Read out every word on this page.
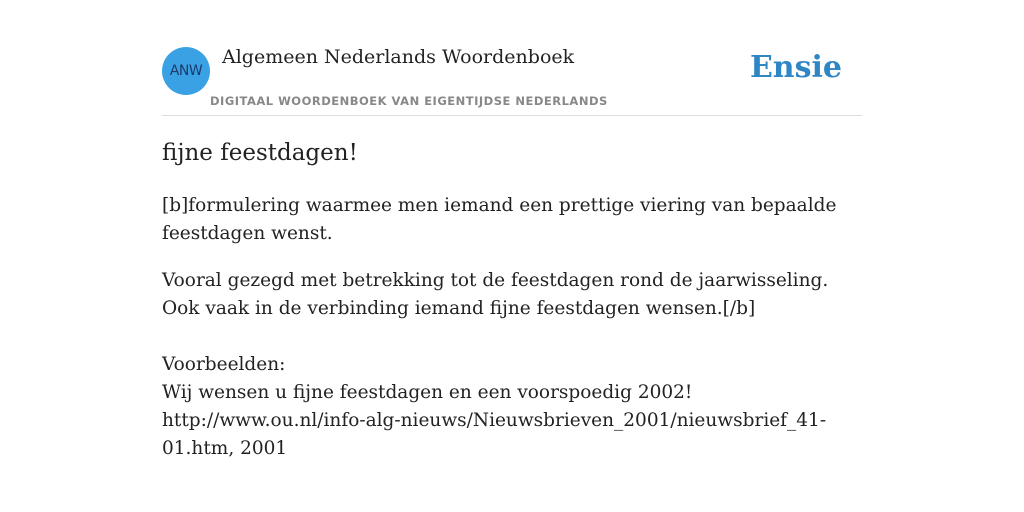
ANW
Algemeen Nederlands Woordenboek
DIGITAAL WOORDENBOEK VAN EIGENTIJDSE NEDERLANDS
Ensie
fijne feestdagen!
[b]formulering waarmee men iemand een prettige viering van bepaalde feestdagen wenst.
Vooral gezegd met betrekking tot de feestdagen rond de jaarwisseling. Ook vaak in de verbinding iemand fijne feestdagen wensen.[/b]
Voorbeelden:
Wij wensen u fijne feestdagen en een voorspoedig 2002!
http://www.ou.nl/info-alg-nieuws/Nieuwsbrieven_2001/nieuwsbrief_41-01.htm, 2001
